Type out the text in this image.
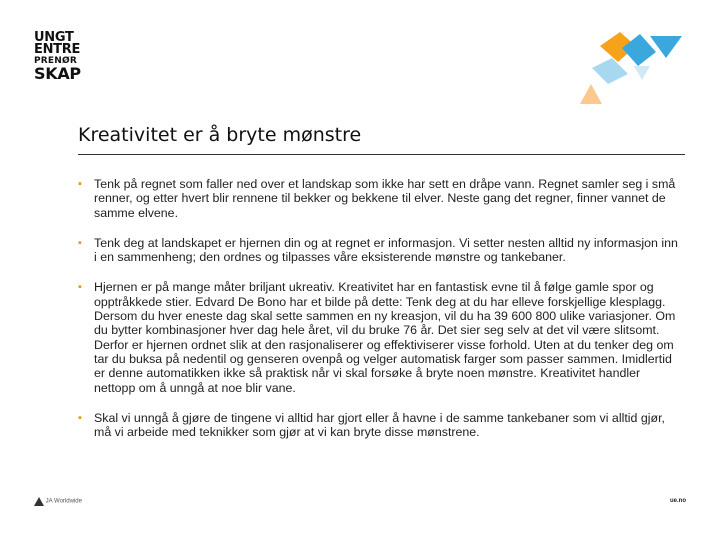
UNGT
ENTRE
PRENØR
SKAP
Kreativitet er å bryte mønstre
▪ Tenk på regnet som faller ned over et landskap som ikke har sett en dråpe vann. Regnet samler seg i små renner, og etter hvert blir rennene til bekker og bekkene til elver. Neste gang det regner, finner vannet de samme elvene.
▪ Tenk deg at landskapet er hjernen din og at regnet er informasjon. Vi setter nesten alltid ny informasjon inn i en sammenheng; den ordnes og tilpasses våre eksisterende mønstre og tankebaner.
▪ Hjernen er på mange måter briljant ukreativ. Kreativitet har en fantastisk evne til å følge gamle spor og opptråkkede stier. Edvard De Bono har et bilde på dette: Tenk deg at du har elleve forskjellige klesplagg. Dersom du hver eneste dag skal sette sammen en ny kreasjon, vil du ha 39 600 800 ulike variasjoner. Om du bytter kombinasjoner hver dag hele året, vil du bruke 76 år. Det sier seg selv at det vil være slitsomt. Derfor er hjernen ordnet slik at den rasjonaliserer og effektiviserer visse forhold. Uten at du tenker deg om tar du buksa på nedentil og genseren ovenpå og velger automatisk farger som passer sammen. Imidlertid er denne automatikken ikke så praktisk når vi skal forsøke å bryte noen mønstre. Kreativitet handler nettopp om å unngå at noe blir vane.
▪ Skal vi unngå å gjøre de tingene vi alltid har gjort eller å havne i de samme tankebaner som vi alltid gjør, må vi arbeide med teknikker som gjør at vi kan bryte disse mønstrene.
JA Worldwide	ue.no
